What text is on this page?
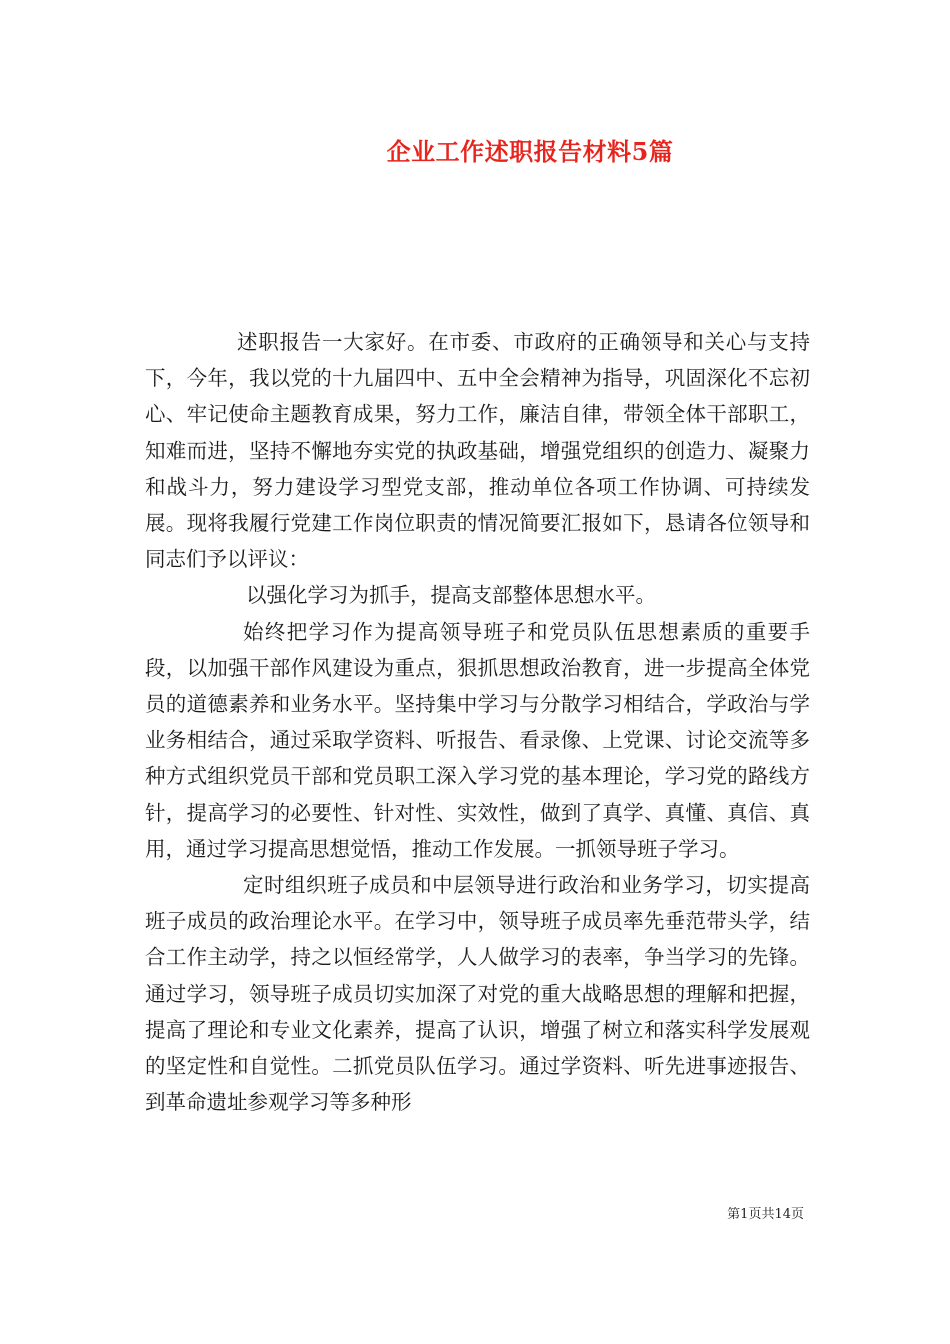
企业工作述职报告材料5篇

述职报告一大家好。在市委、市政府的正确领导和关心与支持下，今年，我以党的十九届四中、五中全会精神为指导，巩固深化不忘初心、牢记使命主题教育成果，努力工作，廉洁自律，带领全体干部职工，知难而进，坚持不懈地夯实党的执政基础，增强党组织的创造力、凝聚力和战斗力，努力建设学习型党支部，推动单位各项工作协调、可持续发展。现将我履行党建工作岗位职责的情况简要汇报如下，恳请各位领导和同志们予以评议：

以强化学习为抓手，提高支部整体思想水平。

始终把学习作为提高领导班子和党员队伍思想素质的重要手段，以加强干部作风建设为重点，狠抓思想政治教育，进一步提高全体党员的道德素养和业务水平。坚持集中学习与分散学习相结合，学政治与学业务相结合，通过采取学资料、听报告、看录像、上党课、讨论交流等多种方式组织党员干部和党员职工深入学习党的基本理论，学习党的路线方针，提高学习的必要性、针对性、实效性，做到了真学、真懂、真信、真用，通过学习提高思想觉悟，推动工作发展。一抓领导班子学习。

定时组织班子成员和中层领导进行政治和业务学习，切实提高班子成员的政治理论水平。在学习中，领导班子成员率先垂范带头学，结合工作主动学，持之以恒经常学，人人做学习的表率，争当学习的先锋。通过学习，领导班子成员切实加深了对党的重大战略思想的理解和把握，提高了理论和专业文化素养，提高了认识，增强了树立和落实科学发展观的坚定性和自觉性。二抓党员队伍学习。通过学资料、听先进事迹报告、到革命遗址参观学习等多种形

第1页共14页
